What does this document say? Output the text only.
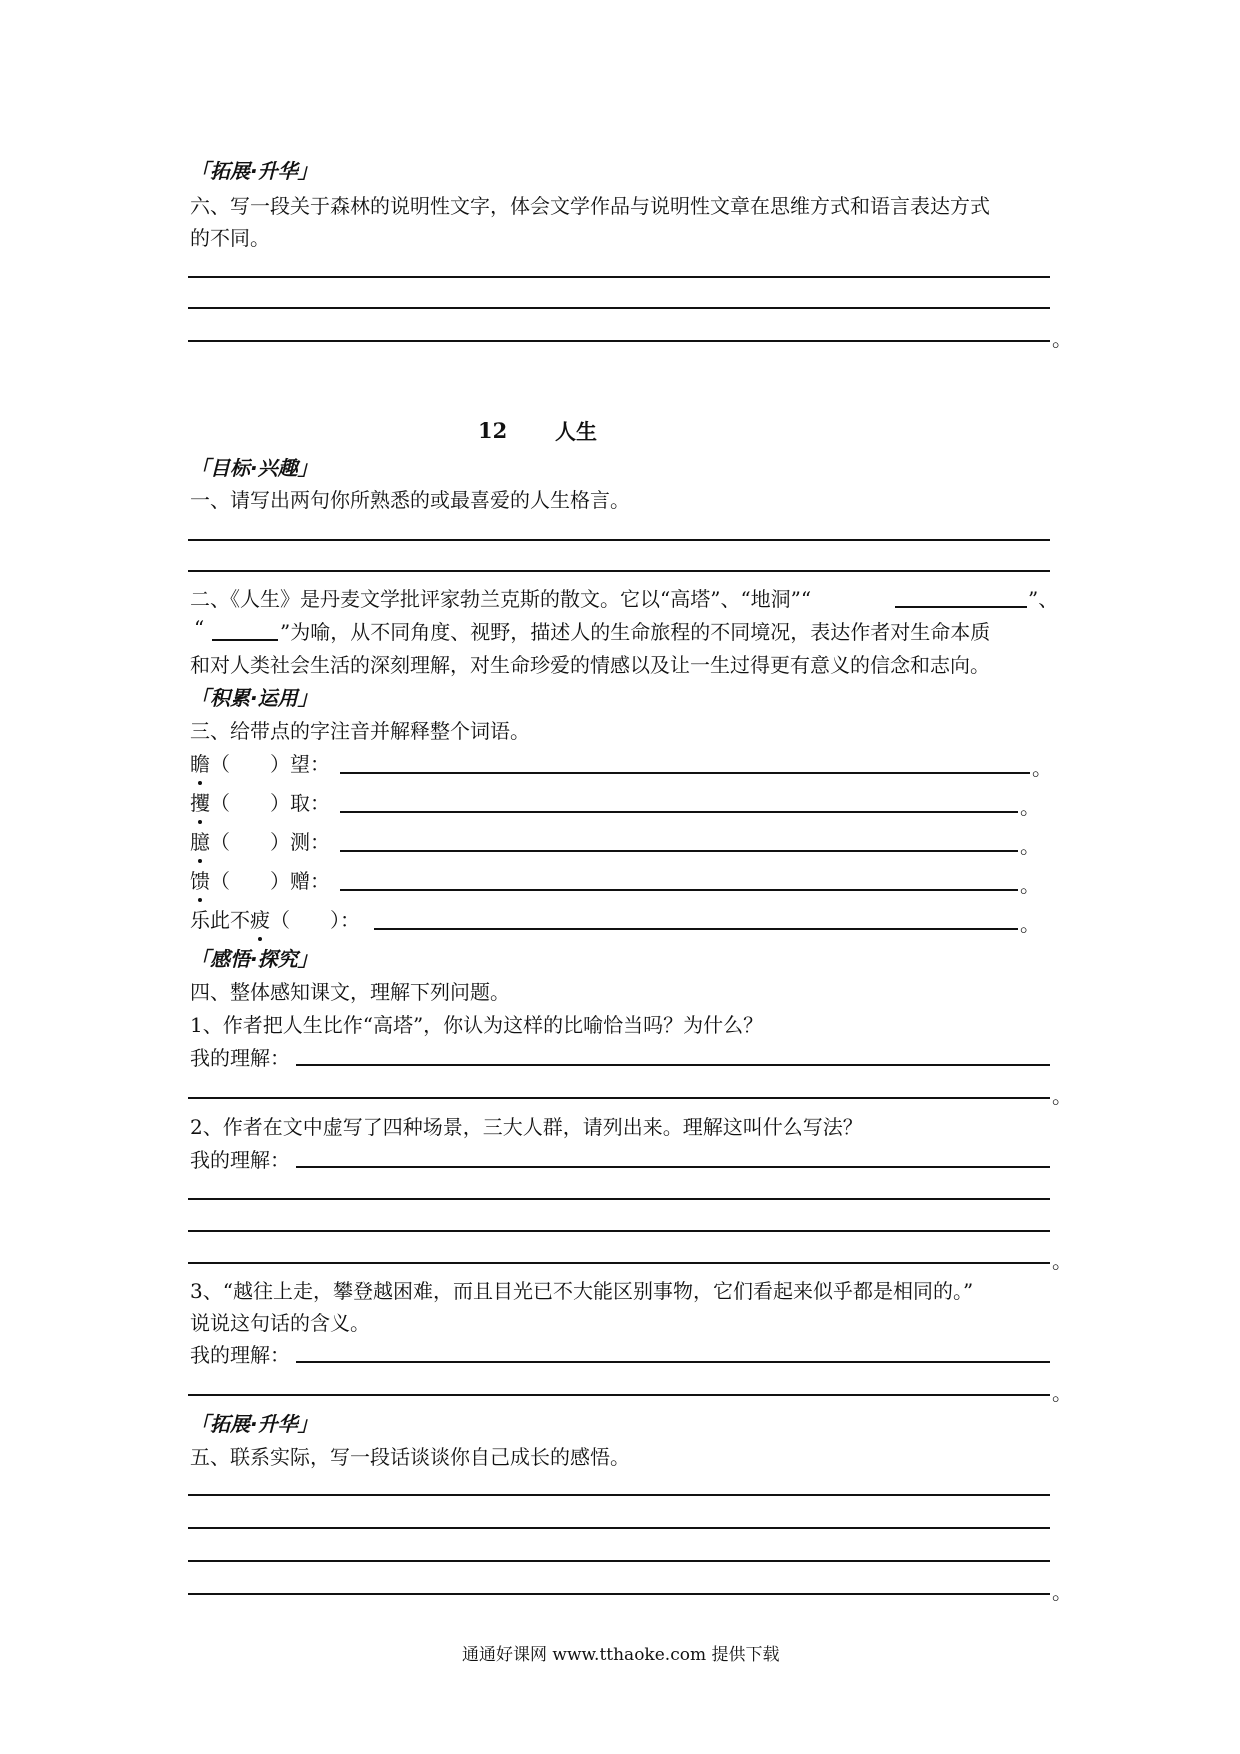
「拓展·升华」
六、写一段关于森林的说明性文字，体会文学作品与说明性文章在思维方式和语言表达方式
的不同。
。
12 人生
「目标·兴趣」
一、请写出两句你所熟悉的或最喜爱的人生格言。
二、《人生》是丹麦文学批评家勃兰克斯的散文。它以“高塔”、“地洞”“	”、
“	”为喻，从不同角度、视野，描述人的生命旅程的不同境况，表达作者对生命本质
和对人类社会生活的深刻理解，对生命珍爱的情感以及让一生过得更有意义的信念和志向。
「积累·运用」
三、给带点的字注音并解释整个词语。
瞻（　　）望：	。
攫（　　）取：	。
臆（　　）测：	。
馈（　　）赠：	。
乐此不疲（　　）：	。
「感悟·探究」
四、整体感知课文，理解下列问题。
1、作者把人生比作“高塔”，你认为这样的比喻恰当吗？为什么？
我的理解：
。
2、作者在文中虚写了四种场景，三大人群，请列出来。理解这叫什么写法？
我的理解：
。
3、“越往上走，攀登越困难，而且目光已不大能区别事物，它们看起来似乎都是相同的。”
说说这句话的含义。
我的理解：
。
「拓展·升华」
五、联系实际，写一段话谈谈你自己成长的感悟。
。
通通好课网 www.tthaoke.com 提供下载
